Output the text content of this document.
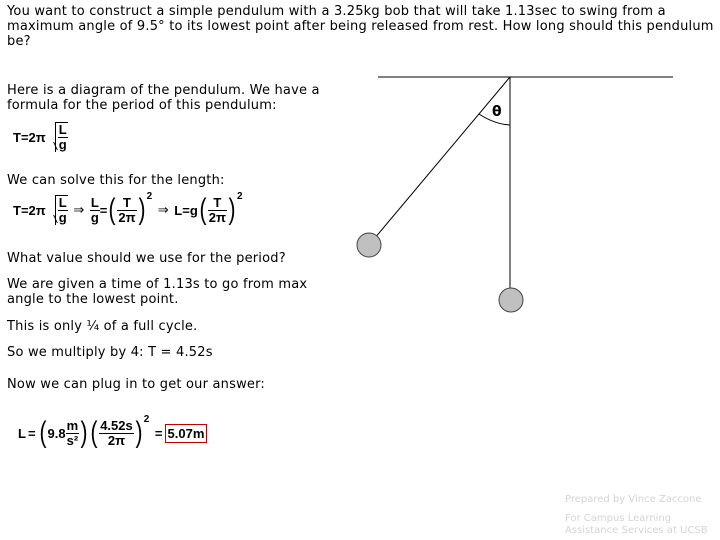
You want to construct a simple pendulum with a 3.25kg bob that will take 1.13sec to swing from a maximum angle of 9.5° to its lowest point after being released from rest. How long should this pendulum be?
Here is a diagram of the pendulum. We have a formula for the period of this pendulum:
$T=2\pi \frac{L}{g}$
We can solve this for the length:
$T=2\pi \frac{L}{g}$ ⇒ $\frac{L}{g}$ =( $\frac{T}{2\pi}$ ) 2 ⇒ $L=g( \frac{T}{2\pi}$ ) 2
What value should we use for the period?
We are given a time of 1.13s to go from max angle to the lowest point.
This is only ¼ of a full cycle.
So we multiply by 4: T = 4.52s
Now we can plug in to get our answer:
L = ( $9.8 \frac{m}{\text{s²}}$ ) ( $\frac{4.52s}{2\pi}$ ) 2 = 5.07m
θ
Prepared by Vince Zaccone
For Campus Learning
Assistance Services at UCSB
